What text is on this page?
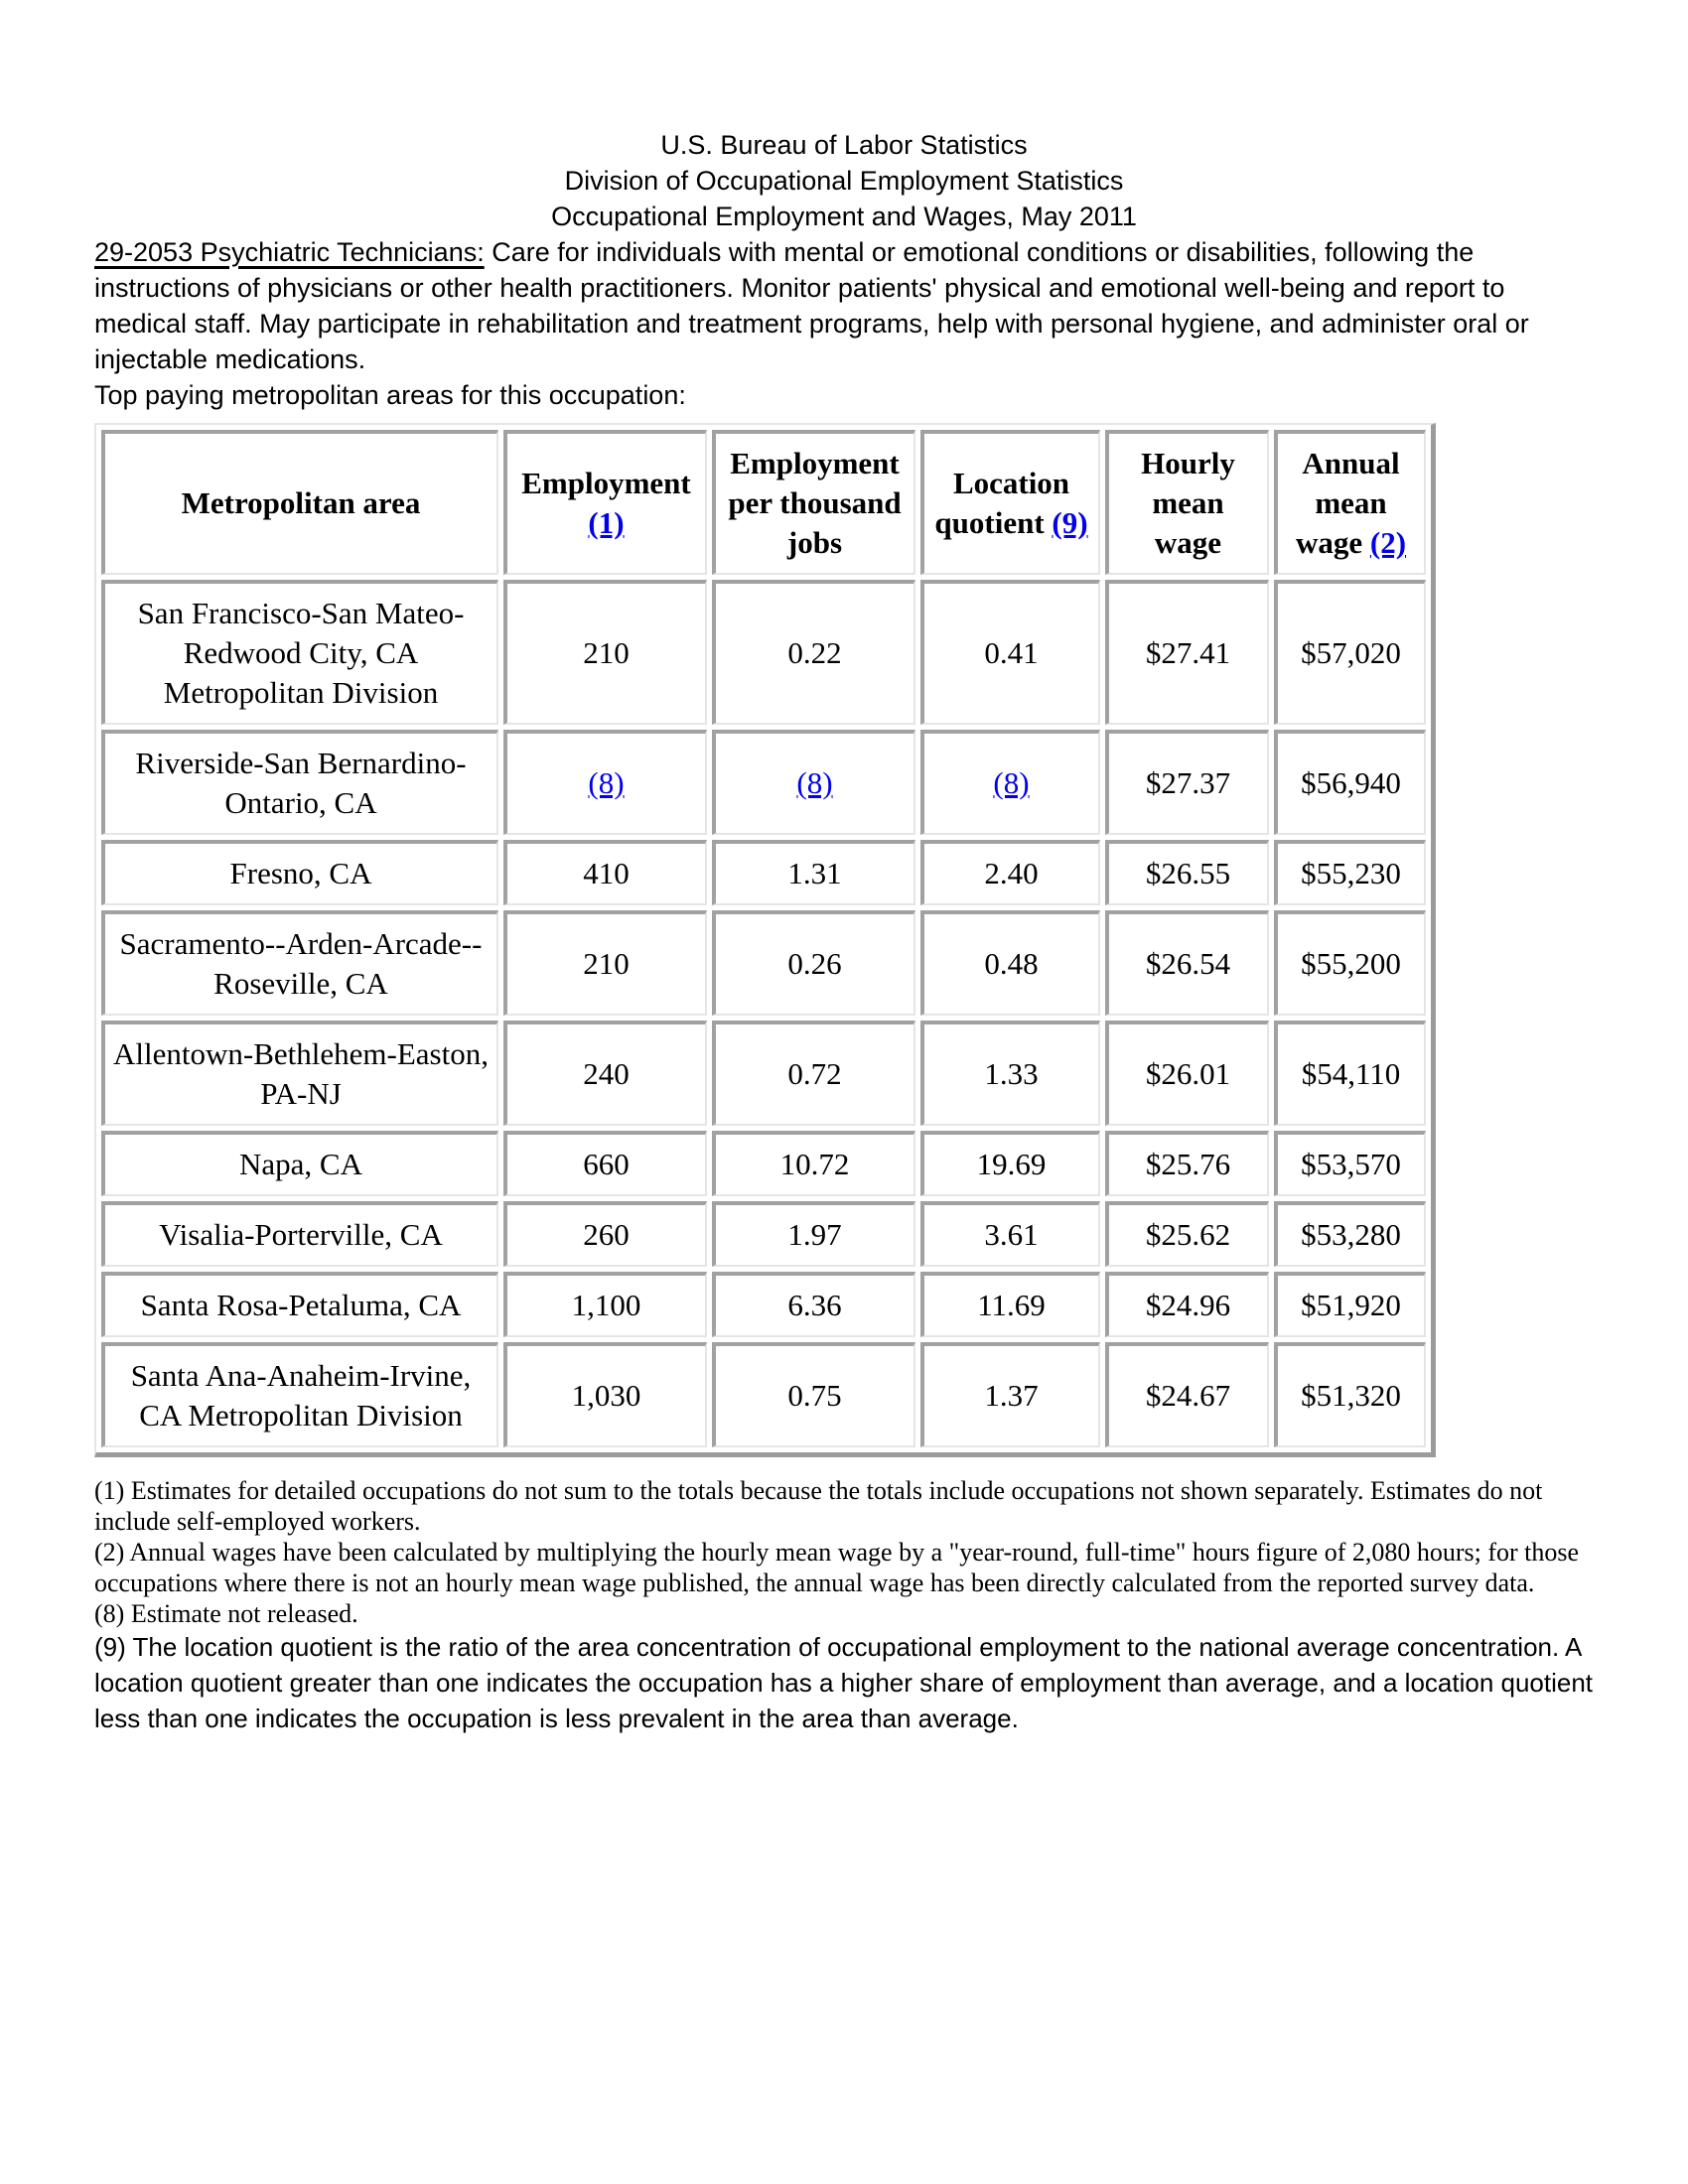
U.S. Bureau of Labor Statistics
Division of Occupational Employment Statistics
Occupational Employment and Wages, May 2011

29-2053 Psychiatric Technicians: Care for individuals with mental or emotional conditions or disabilities, following the instructions of physicians or other health practitioners. Monitor patients' physical and emotional well-being and report to medical staff. May participate in rehabilitation and treatment programs, help with personal hygiene, and administer oral or injectable medications.

Top paying metropolitan areas for this occupation:
Metropolitan area	Employment (1)	Employment per thousand jobs	Location quotient (9)	Hourly mean wage	Annual mean wage (2)
San Francisco-San Mateo-Redwood City, CA Metropolitan Division	210	0.22	0.41	$27.41	$57,020
Riverside-San Bernardino-Ontario, CA	(8)	(8)	(8)	$27.37	$56,940
Fresno, CA	410	1.31	2.40	$26.55	$55,230
Sacramento--Arden-Arcade--Roseville, CA	210	0.26	0.48	$26.54	$55,200
Allentown-Bethlehem-Easton, PA-NJ	240	0.72	1.33	$26.01	$54,110
Napa, CA	660	10.72	19.69	$25.76	$53,570
Visalia-Porterville, CA	260	1.97	3.61	$25.62	$53,280
Santa Rosa-Petaluma, CA	1,100	6.36	11.69	$24.96	$51,920
Santa Ana-Anaheim-Irvine, CA Metropolitan Division	1,030	0.75	1.37	$24.67	$51,320

(1) Estimates for detailed occupations do not sum to the totals because the totals include occupations not shown separately. Estimates do not include self-employed workers.

(2) Annual wages have been calculated by multiplying the hourly mean wage by a "year-round, full-time" hours figure of 2,080 hours; for those occupations where there is not an hourly mean wage published, the annual wage has been directly calculated from the reported survey data.

(8) Estimate not released.

(9) The location quotient is the ratio of the area concentration of occupational employment to the national average concentration. A location quotient greater than one indicates the occupation has a higher share of employment than average, and a location quotient less than one indicates the occupation is less prevalent in the area than average.
